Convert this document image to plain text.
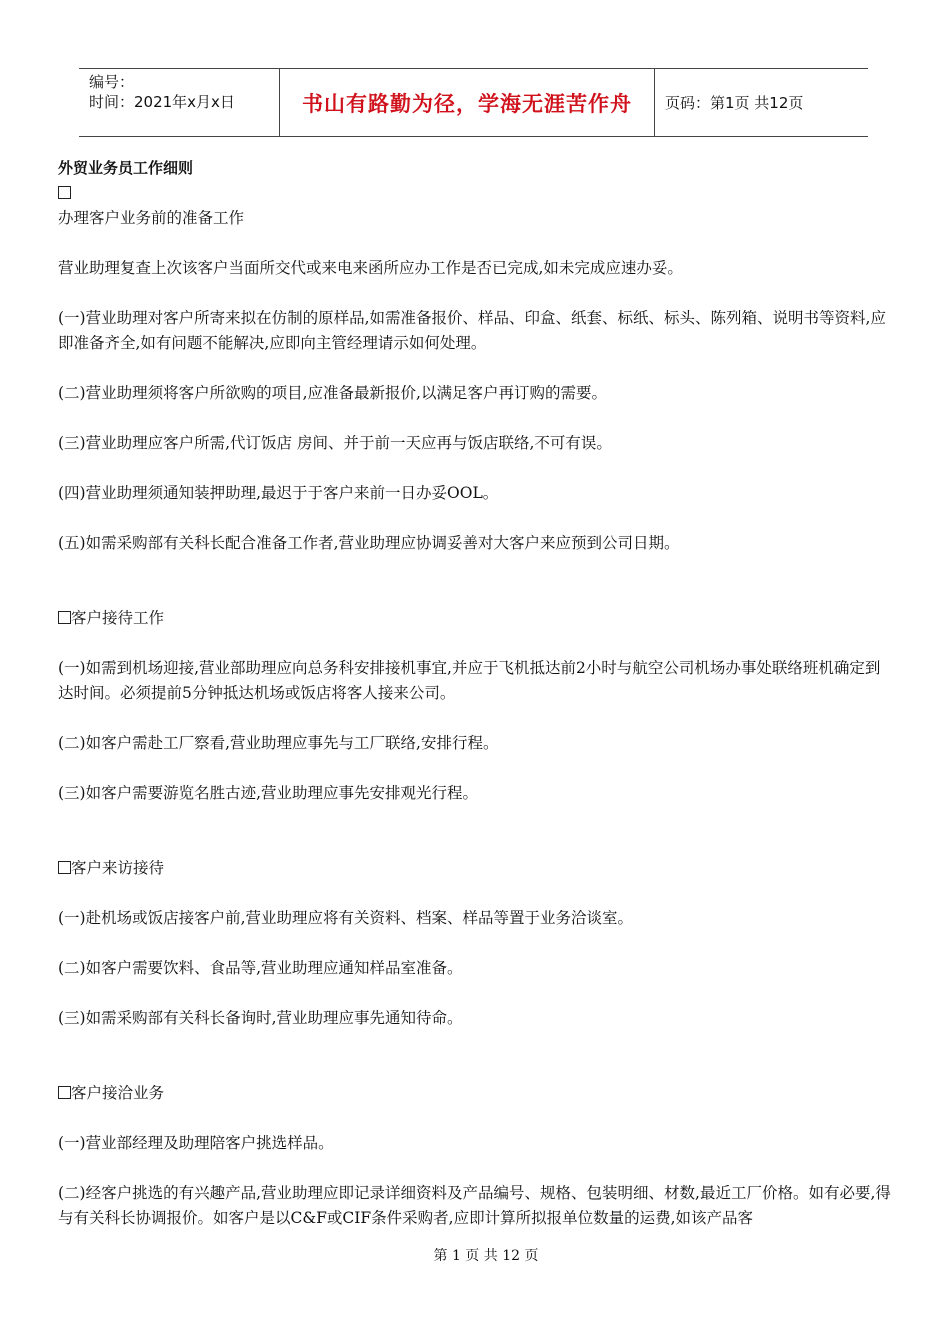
编号：
时间：2021年x月x日	书山有路勤为径，学海无涯苦作舟	页码：第1页 共12页

外贸业务员工作细则

办理客户业务前的准备工作

营业助理复查上次该客户当面所交代或来电来函所应办工作是否已完成,如未完成应速办妥。

(一)营业助理对客户所寄来拟在仿制的原样品,如需准备报价、样品、印盒、纸套、标纸、标头、陈列箱、说明书等资料,应即准备齐全,如有问题不能解决,应即向主管经理请示如何处理。

(二)营业助理须将客户所欲购的项目,应准备最新报价,以满足客户再订购的需要。

(三)营业助理应客户所需,代订饭店 房间、并于前一天应再与饭店联络,不可有误。

(四)营业助理须通知装押助理,最迟于于客户来前一日办妥OOL。

(五)如需采购部有关科长配合准备工作者,营业助理应协调妥善对大客户来应预到公司日期。

客户接待工作

(一)如需到机场迎接,营业部助理应向总务科安排接机事宜,并应于飞机抵达前2小时与航空公司机场办事处联络班机确定到达时间。必须提前5分钟抵达机场或饭店将客人接来公司。

(二)如客户需赴工厂察看,营业助理应事先与工厂联络,安排行程。

(三)如客户需要游览名胜古迹,营业助理应事先安排观光行程。

客户来访接待

(一)赴机场或饭店接客户前,营业助理应将有关资料、档案、样品等置于业务洽谈室。

(二)如客户需要饮料、食品等,营业助理应通知样品室准备。

(三)如需采购部有关科长备询时,营业助理应事先通知待命。

客户接洽业务

(一)营业部经理及助理陪客户挑选样品。

(二)经客户挑选的有兴趣产品,营业助理应即记录详细资料及产品编号、规格、包装明细、材数,最近工厂价格。如有必要,得与有关科长协调报价。如客户是以C&F或CIF条件采购者,应即计算所拟报单位数量的运费,如该产品客

第 1 页 共 12 页
